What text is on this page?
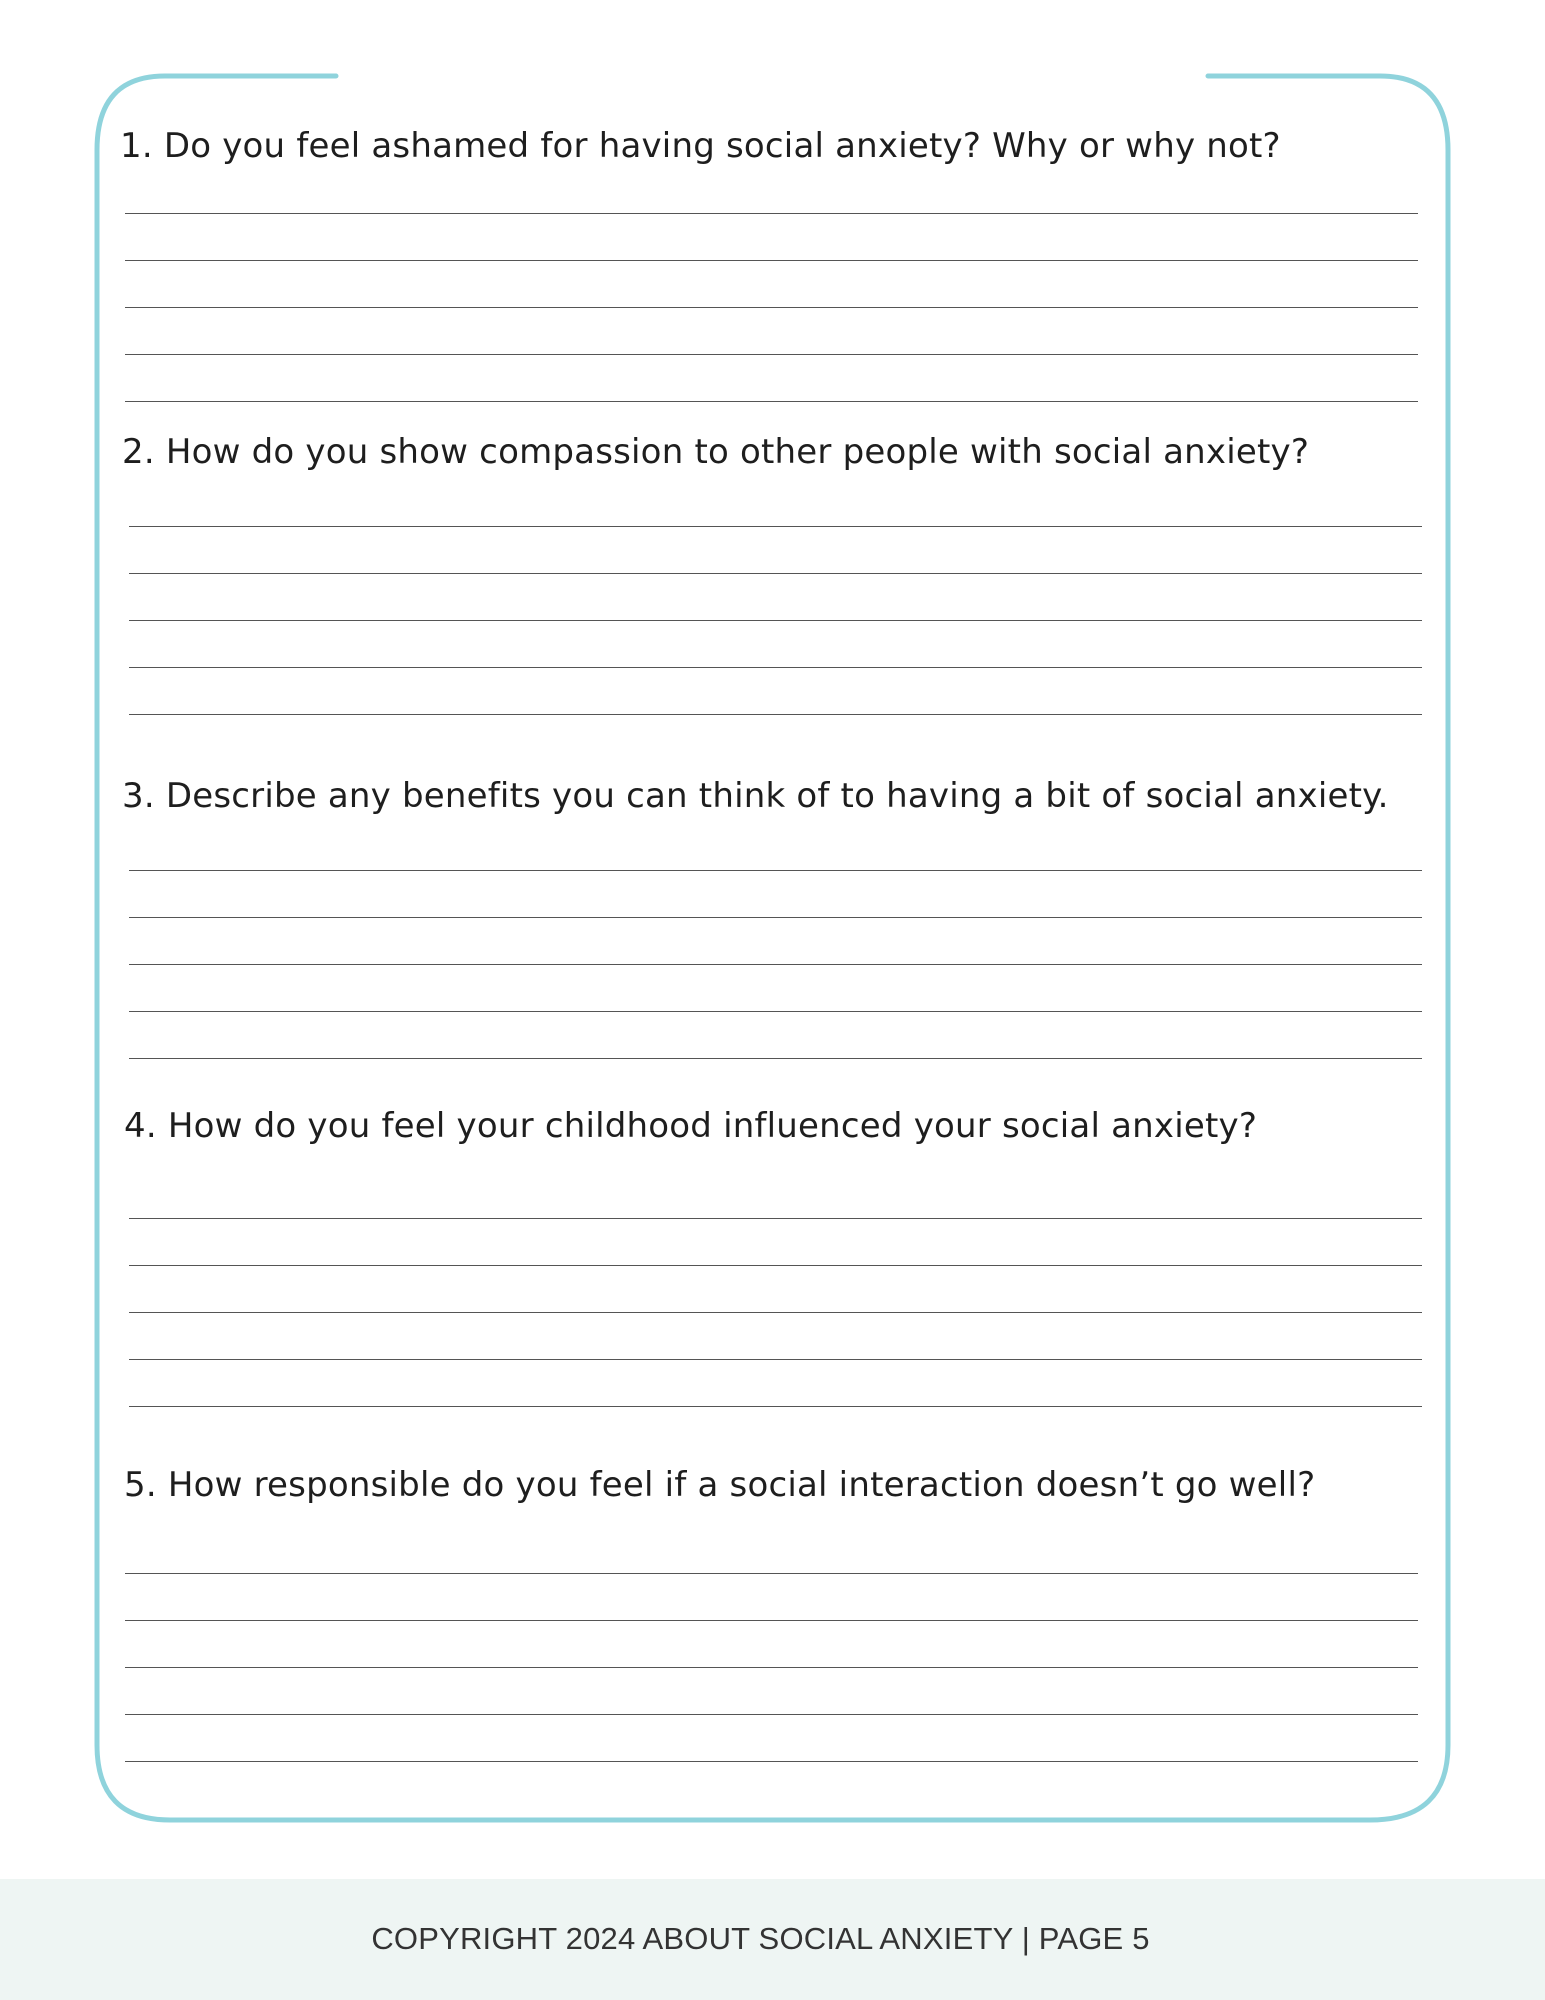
1. Do you feel ashamed for having social anxiety? Why or why not?
2. How do you show compassion to other people with social anxiety?
3. Describe any benefits you can think of to having a bit of social anxiety.
4. How do you feel your childhood influenced your social anxiety?
5. How responsible do you feel if a social interaction doesn’t go well?
COPYRIGHT 2024 ABOUT SOCIAL ANXIETY | PAGE 5
